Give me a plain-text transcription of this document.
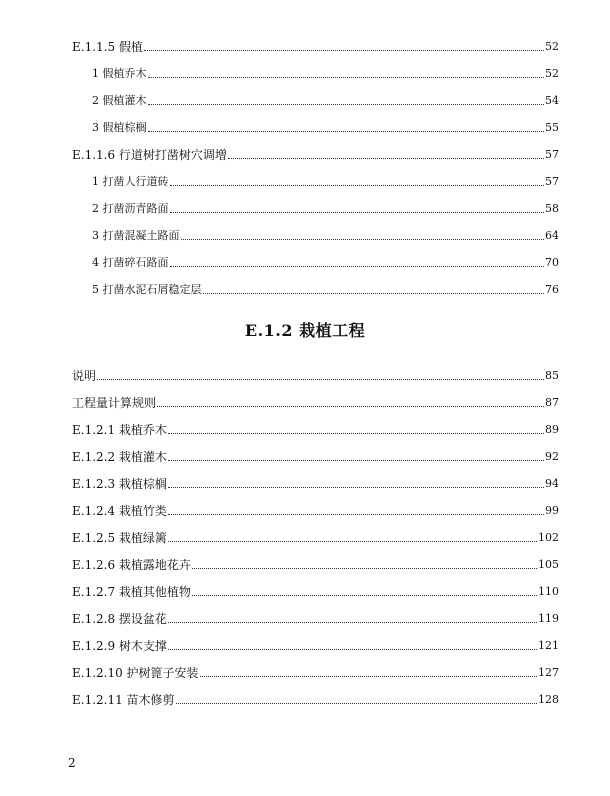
E.1.1.5 假植	52
1 假植乔木	52
2 假植灌木	54
3 假植棕榈	55
E.1.1.6 行道树打凿树穴调增	57
1 打凿人行道砖	57
2 打凿沥青路面	58
3 打凿混凝土路面	64
4 打凿碎石路面	70
5 打凿水泥石屑稳定层	76
E.1.2 栽植工程
说明	85
工程量计算规则	87
E.1.2.1 栽植乔木	89
E.1.2.2 栽植灌木	92
E.1.2.3 栽植棕榈	94
E.1.2.4 栽植竹类	99
E.1.2.5 栽植绿篱	102
E.1.2.6 栽植露地花卉	105
E.1.2.7 栽植其他植物	110
E.1.2.8 摆设盆花	119
E.1.2.9 树木支撑	121
E.1.2.10 护树篦子安装	127
E.1.2.11 苗木修剪	128
2
